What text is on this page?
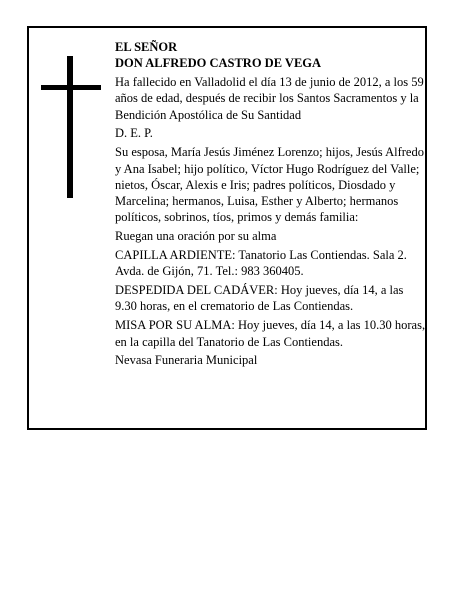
EL SEÑOR

DON ALFREDO CASTRO DE VEGA

Ha fallecido en Valladolid el día 13 de junio de 2012, a los 59 años de edad, después de recibir los Santos Sacramentos y la Bendición Apostólica de Su Santidad

D. E. P.

Su esposa, María Jesús Jiménez Lorenzo; hijos, Jesús Alfredo y Ana Isabel; hijo político, Víctor Hugo Rodríguez del Valle; nietos, Óscar, Alexis e Iris; padres políticos, Diosdado y Marcelina; hermanos, Luisa, Esther y Alberto; hermanos políticos, sobrinos, tíos, primos y demás familia:

Ruegan una oración por su alma

CAPILLA ARDIENTE: Tanatorio Las Contiendas. Sala 2. Avda. de Gijón, 71. Tel.: 983 360405.

DESPEDIDA DEL CADÁVER: Hoy jueves, día 14, a las 9.30 horas, en el crematorio de Las Contiendas.

MISA POR SU ALMA: Hoy jueves, día 14, a las 10.30 horas, en la capilla del Tanatorio de Las Contiendas.

Nevasa Funeraria Municipal
